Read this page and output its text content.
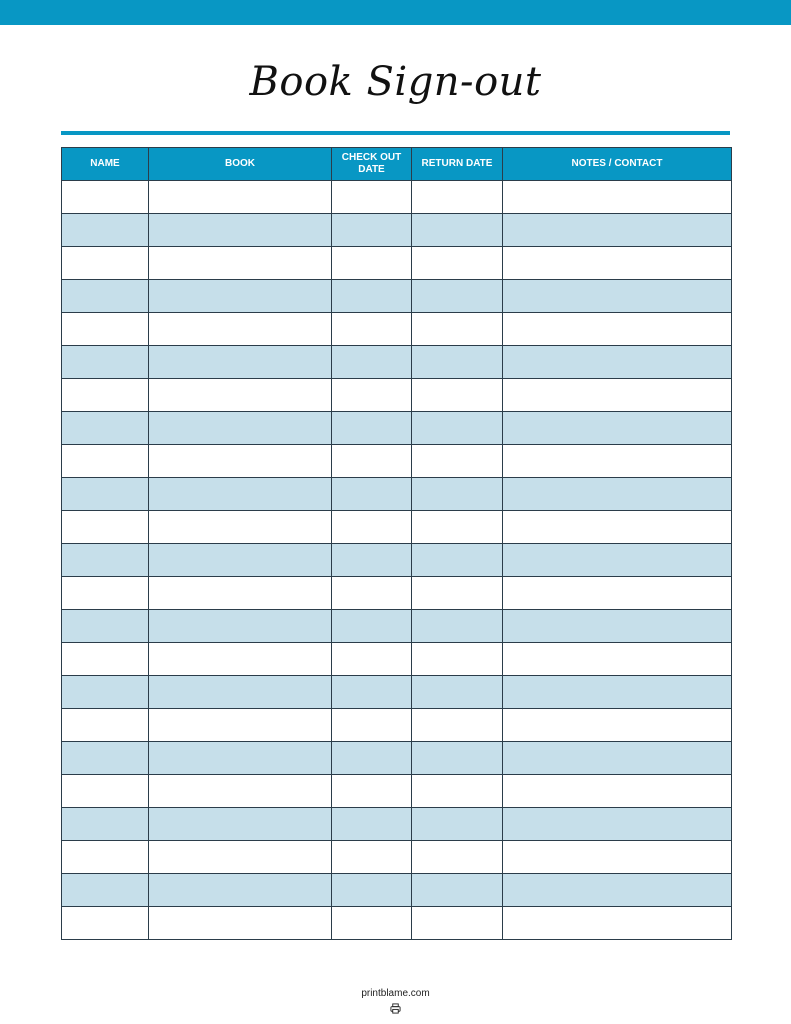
Book Sign-out
NAME	BOOK	CHECK OUT DATE	RETURN DATE	NOTES / CONTACT

printblame.com
